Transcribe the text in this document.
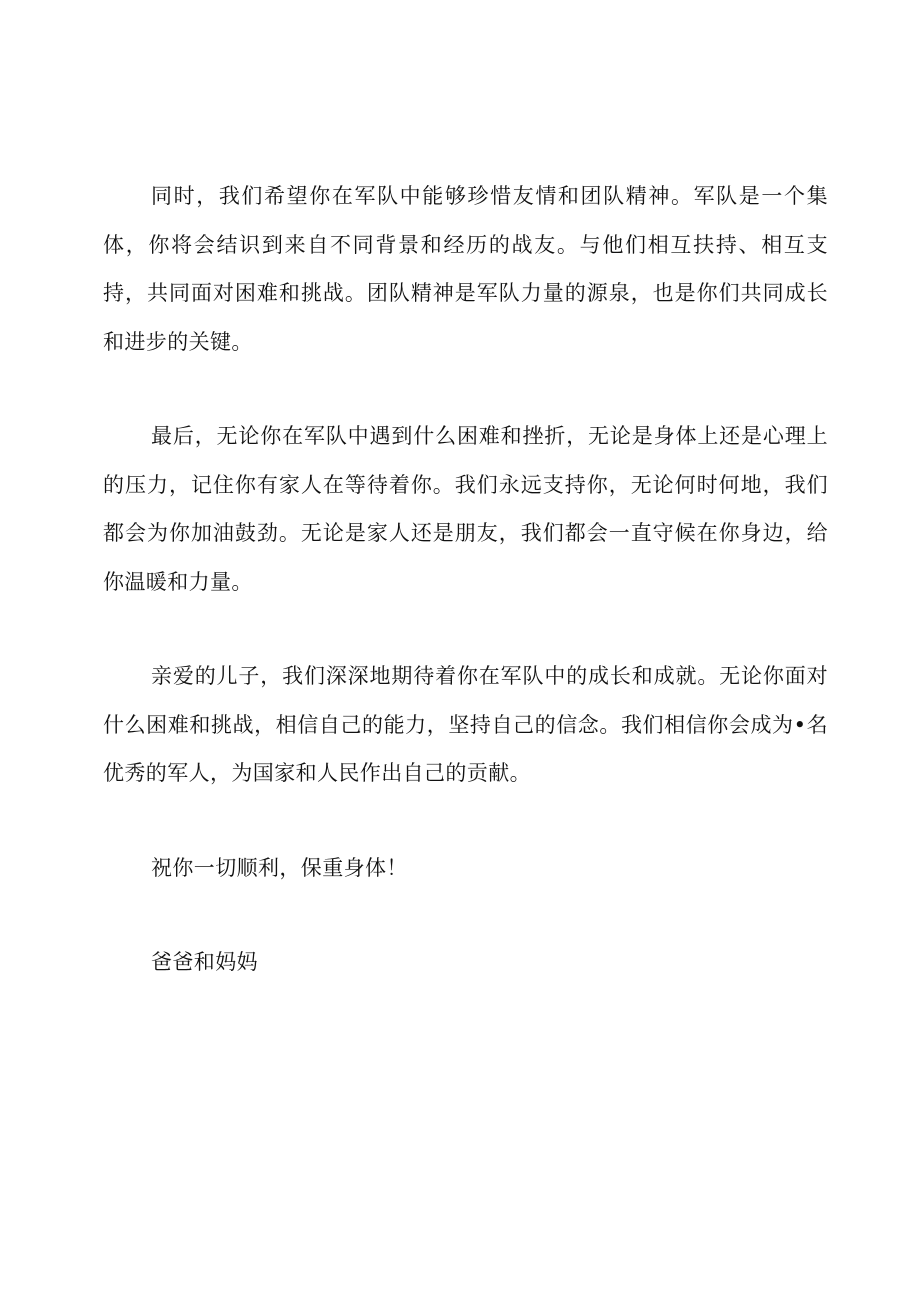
同时，我们希望你在军队中能够珍惜友情和团队精神。军队是一个集体，你将会结识到来自不同背景和经历的战友。与他们相互扶持、相互支持，共同面对困难和挑战。团队精神是军队力量的源泉，也是你们共同成长和进步的关键。

最后，无论你在军队中遇到什么困难和挫折，无论是身体上还是心理上的压力，记住你有家人在等待着你。我们永远支持你，无论何时何地，我们都会为你加油鼓劲。无论是家人还是朋友，我们都会一直守候在你身边，给你温暖和力量。

亲爱的儿子，我们深深地期待着你在军队中的成长和成就。无论你面对什么困难和挑战，相信自己的能力，坚持自己的信念。我们相信你会成为•名优秀的军人，为国家和人民作出自己的贡献。

祝你一切顺利，保重身体！

爸爸和妈妈
